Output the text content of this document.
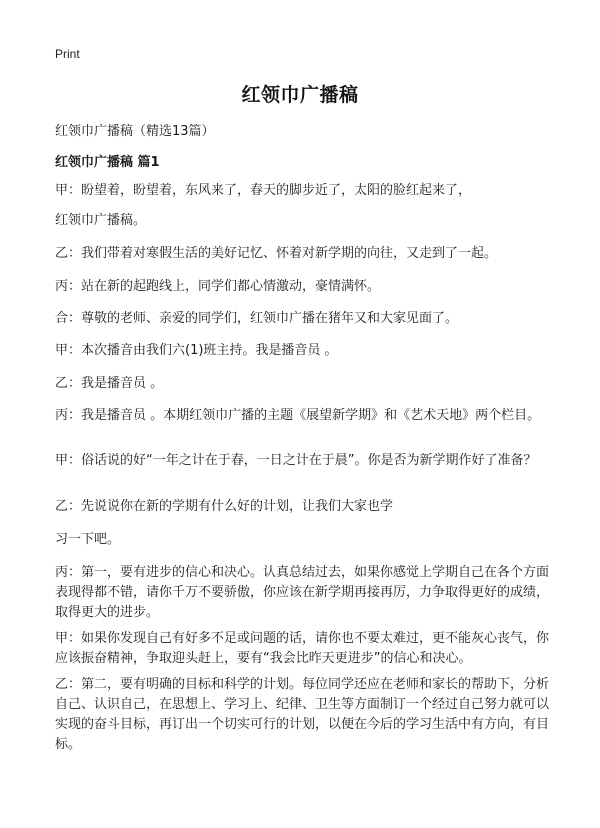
Print
红领巾广播稿
红领巾广播稿（精选13篇）
红领巾广播稿 篇1

甲：盼望着，盼望着，东风来了，春天的脚步近了，太阳的脸红起来了，

红领巾广播稿。

乙：我们带着对寒假生活的美好记忆、怀着对新学期的向往，又走到了一起。

丙：站在新的起跑线上，同学们都心情激动，豪情满怀。

合：尊敬的老师、亲爱的同学们，红领巾广播在猪年又和大家见面了。

甲：本次播音由我们六(1)班主持。我是播音员 。

乙：我是播音员 。

丙：我是播音员 。本期红领巾广播的主题《展望新学期》和《艺术天地》两个栏目。

甲：俗话说的好“一年之计在于春，一日之计在于晨”。你是否为新学期作好了准备？

乙：先说说你在新的学期有什么好的计划，让我们大家也学

习一下吧。

丙：第一，要有进步的信心和决心。认真总结过去，如果你感觉上学期自己在各个方面表现得都不错，请你千万不要骄傲，你应该在新学期再接再厉，力争取得更好的成绩，取得更大的进步。

甲：如果你发现自己有好多不足或问题的话，请你也不要太难过，更不能灰心丧气，你应该振奋精神，争取迎头赶上，要有“我会比昨天更进步”的信心和决心。

乙：第二，要有明确的目标和科学的计划。每位同学还应在老师和家长的帮助下，分析自己、认识自己，在思想上、学习上、纪律、卫生等方面制订一个经过自己努力就可以实现的奋斗目标，再订出一个切实可行的计划，以便在今后的学习生活中有方向，有目标。
